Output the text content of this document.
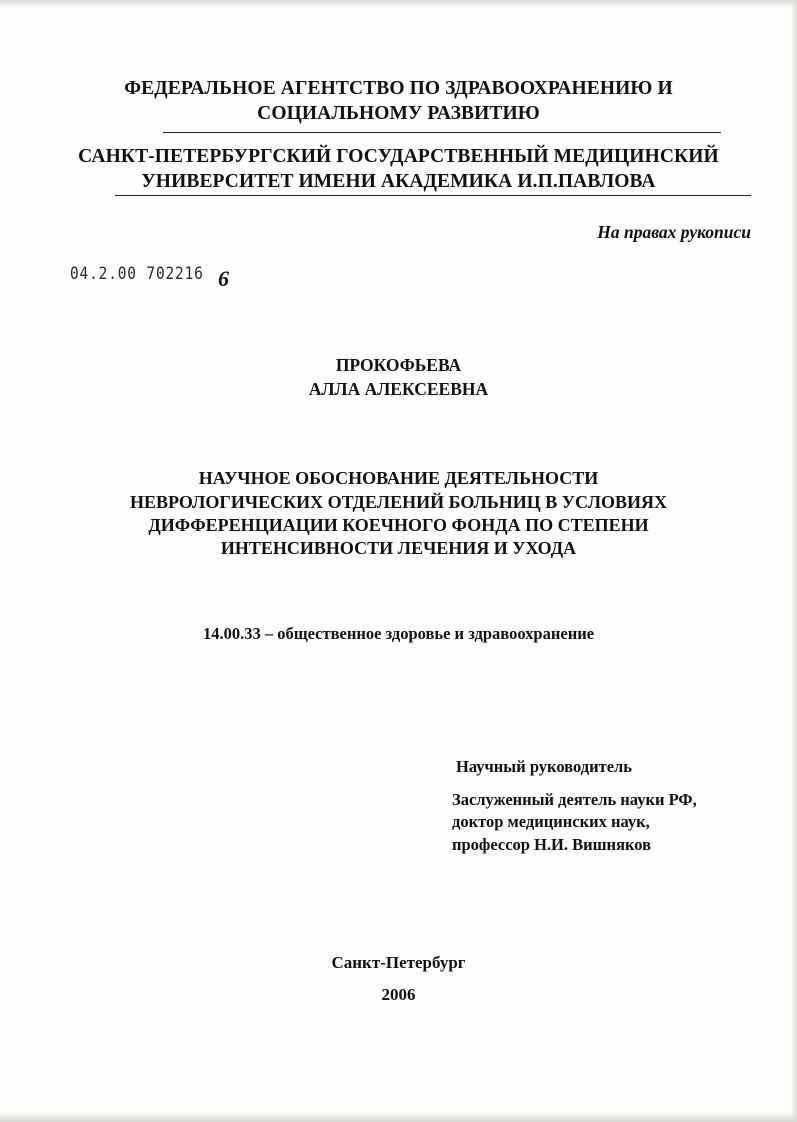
ФЕДЕРАЛЬНОЕ АГЕНТСТВО ПО ЗДРАВООХРАНЕНИЮ И
СОЦИАЛЬНОМУ РАЗВИТИЮ
САНКТ-ПЕТЕРБУРГСКИЙ ГОСУДАРСТВЕННЫЙ МЕДИЦИНСКИЙ
УНИВЕРСИТЕТ ИМЕНИ АКАДЕМИКА И.П.ПАВЛОВА
На правах рукописи
04.2.00 702216 6
ПРОКОФЬЕВА
АЛЛА АЛЕКСЕЕВНА
НАУЧНОЕ ОБОСНОВАНИЕ ДЕЯТЕЛЬНОСТИ
НЕВРОЛОГИЧЕСКИХ ОТДЕЛЕНИЙ БОЛЬНИЦ В УСЛОВИЯХ
ДИФФЕРЕНЦИАЦИИ КОЕЧНОГО ФОНДА ПО СТЕПЕНИ
ИНТЕНСИВНОСТИ ЛЕЧЕНИЯ И УХОДА
14.00.33 – общественное здоровье и здравоохранение
Научный руководитель
Заслуженный деятель науки РФ,
доктор медицинских наук,
профессор Н.И. Вишняков
Санкт-Петербург
2006
